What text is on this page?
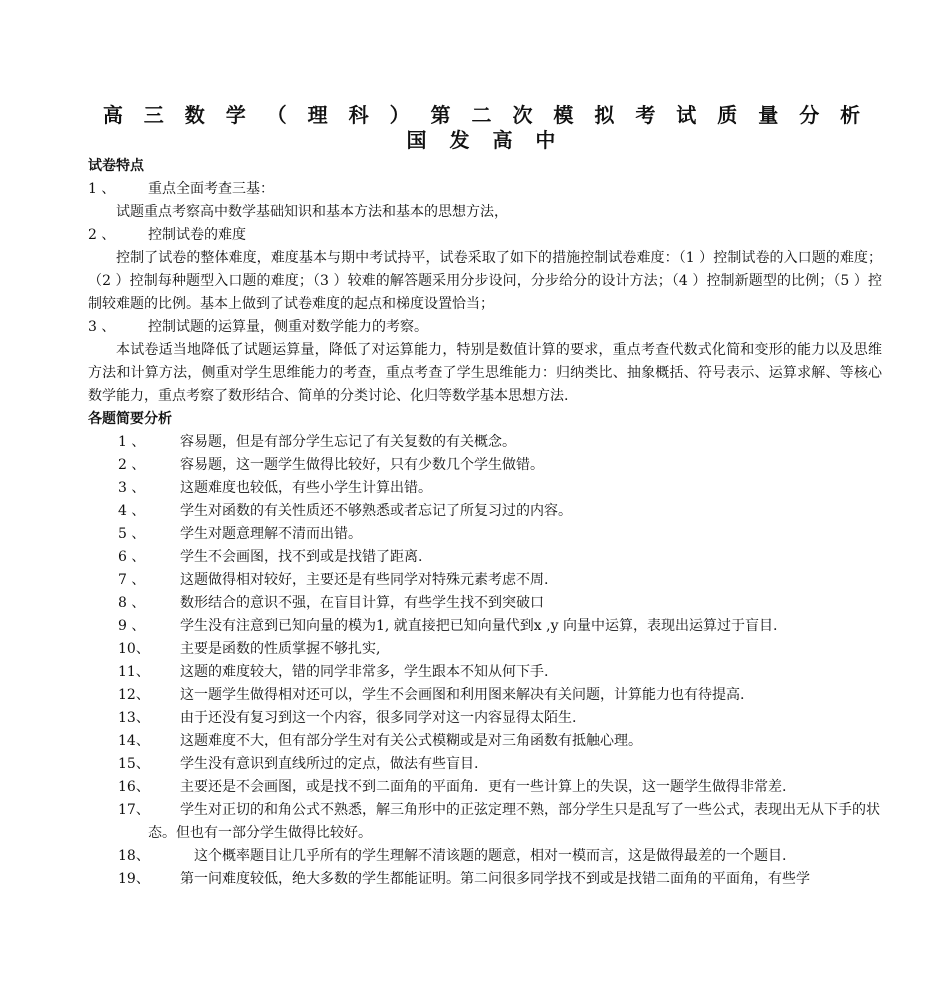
高 三 数 学 （ 理 科 ） 第 二 次 模 拟 考 试 质 量 分 析
国 发 高 中

试卷特点

1 、 重点全面考查三基：

试题重点考察高中数学基础知识和基本方法和基本的思想方法，

2 、 控制试卷的难度

控制了试卷的整体难度，难度基本与期中考试持平，试卷采取了如下的措施控制试卷难度：（1 ）控制试卷的入口题的难度；（2 ）控制每种题型入口题的难度；（3 ）较难的解答题采用分步设问，分步给分的设计方法；（4 ）控制新题型的比例；（5 ）控制较难题的比例。基本上做到了试卷难度的起点和梯度设置恰当；

3 、 控制试题的运算量，侧重对数学能力的考察。

本试卷适当地降低了试题运算量，降低了对运算能力，特别是数值计算的要求，重点考查代数式化简和变形的能力以及思维方法和计算方法，侧重对学生思维能力的考查，重点考查了学生思维能力：归纳类比、抽象概括、符号表示、运算求解、等核心数学能力，重点考察了数形结合、简单的分类讨论、化归等数学基本思想方法.

各题简要分析

1 、 容易题，但是有部分学生忘记了有关复数的有关概念。

2 、 容易题，这一题学生做得比较好，只有少数几个学生做错。

3 、 这题难度也较低，有些小学生计算出错。

4 、 学生对函数的有关性质还不够熟悉或者忘记了所复习过的内容。

5 、 学生对题意理解不清而出错。

6 、 学生不会画图，找不到或是找错了距离.

7 、 这题做得相对较好，主要还是有些同学对特殊元素考虑不周.

8 、 数形结合的意识不强，在盲目计算，有些学生找不到突破口

9 、 学生没有注意到已知向量的模为1, 就直接把已知向量代到x ,y 向量中运算，表现出运算过于盲目.

10、 主要是函数的性质掌握不够扎实,

11、 这题的难度较大，错的同学非常多，学生跟本不知从何下手.

12、 这一题学生做得相对还可以，学生不会画图和利用图来解决有关问题，计算能力也有待提高.

13、 由于还没有复习到这一个内容，很多同学对这一内容显得太陌生.

14、 这题难度不大，但有部分学生对有关公式模糊或是对三角函数有抵触心理。

15、 学生没有意识到直线所过的定点，做法有些盲目.

16、 主要还是不会画图，或是找不到二面角的平面角．更有一些计算上的失误，这一题学生做得非常差.

17、 学生对正切的和角公式不熟悉，解三角形中的正弦定理不熟，部分学生只是乱写了一些公式，表现出无从下手的状态。但也有一部分学生做得比较好。

18、	这个概率题目让几乎所有的学生理解不清该题的题意，相对一模而言，这是做得最差的一个题目.

19、 第一问难度较低，绝大多数的学生都能证明。第二问很多同学找不到或是找错二面角的平面角，有些学
